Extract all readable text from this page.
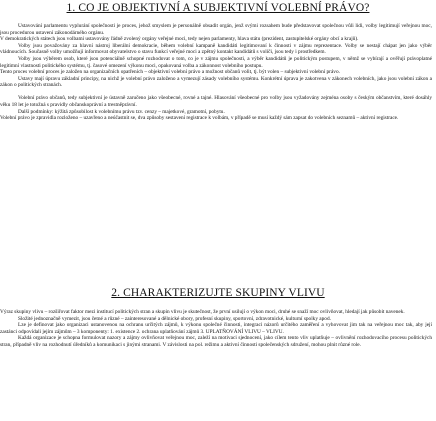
1. CO JE OBJEKTIVNÍ A SUBJEKTIVNÍ VOLEBNÍ PRÁVO?

Ustavování parlamentu vyplurání společnosti je proces, jehož smyslem je personálně obsadit orgán, jenž svými rozsahem bude představovat společnou vůli lidi, volby legitimují veřejnou moc, jsou procedurou ustavení zákonodárného orgánu.

V demokratických státech jsou volbami ustavovány řádně zvolený orgány veřejné moci, tedy nejen parlamenty, hlava státu (prezident, zastupitelské orgány obcí a krajů).

Volby jsou považovány za hlavní nástroj liberální demokracie, během volební kampaně kandidáti legitimovaní k činnosti v zájmu reprezentace. Volby se nestají chápat jen jako výběr vládnoucích. Současně volby umožňují informovat obyvatelstvo o stavu funkcí veřejné moci a zpětný kontakt kandidátů s voliči, jsou tedy i prostředkem.

Volby jsou výběrem osob, které jsou potenciálně schopné rozhodovat o tom, co je v zájmu společnosti, a výběr kandidátů je politickým postupem, v němž se vybírají a ověřují právoplatné legitimní vlastnosti politického systému, tj. časové omezení výkonu moci, opakovaná volba a zákonnost volebního postupu.

Tento proces volební proces je založen na organizačních opatřeních – objektivní volební právo a možnost občanů volit, tj. být volen – subjektivní volební právo.

Ustavy mají úpravu základní principy, na nichž je volební právo založeno a vymezují zásady volebního systému. Konkrétní úprava je zakotvena v zákonech volebních, jako jsou volební zákon a zákon o politických stranách.

Volební právo občanů, tedy subjektivní je ústavně zaručeno jako všeobecné, rovné a tajné. Hlasování všeobecné pro volby jsou vyžadovány zejména osoby s českým občanstvím, které dosáhly věku 18 let je totožná s pravidly občanskoprávní a trestněprávní.

Další podmínky: kýžitá způsobilost k volebnímu právu tzv. cenzy – majetkové, gramotní, pobytu.

Volební právo je zpravidla rozloženo – uzavřeno a neúčastnit se, dva způsoby sestavení registrace k volbám, v případě se musí každý sám zapsat do volebních seznamů – aktivní registrace.

2. CHARAKTERIZUJTE SKUPINY VLIVU

Výraz skupiny vlivu – rozšiřovat faktor mezi institucí politických stran a skupin vlivu je skutečnost, že první usilují o výkon moci, druhé se snaží moc ovlivňovat, hledají jak působit navenek.

Složité jednoznačně vymezit, jsou četné a různé – zainteresované a dělnické obory, profesní skupiny, sportovní, zdravotnické, kulturní spolky apod.

Lze je definovat jako organizaci ustanovenou na ochranu určitých zájmů, k výkonu společné činnosti, integraci názorů určitého zaměření a vyhovovat jim tak na veřejnou moc tak, aby její zastánci odpovídali jejím zájmům – 3 komponenty: 1. existence 2. ochrana uplatňování zájmů 3. UPLATŇOVÁNÍ VLIVU – VLIVU.

Každá organizace je schopna formulovat nazory a zájmy ovlivňovat veřejnou moc, zaleží na motivaci sjednocení, jako cílem tento vliv uplatňuje – ovlivnění rozhodovacího procesu politických stran, případně vliv na rozhodnutí úředníků a komunikaci s jinými stranami. V závislosti na pol. režimu a aktivní činnosti společenských sdružení, mohou plnit různé role.
